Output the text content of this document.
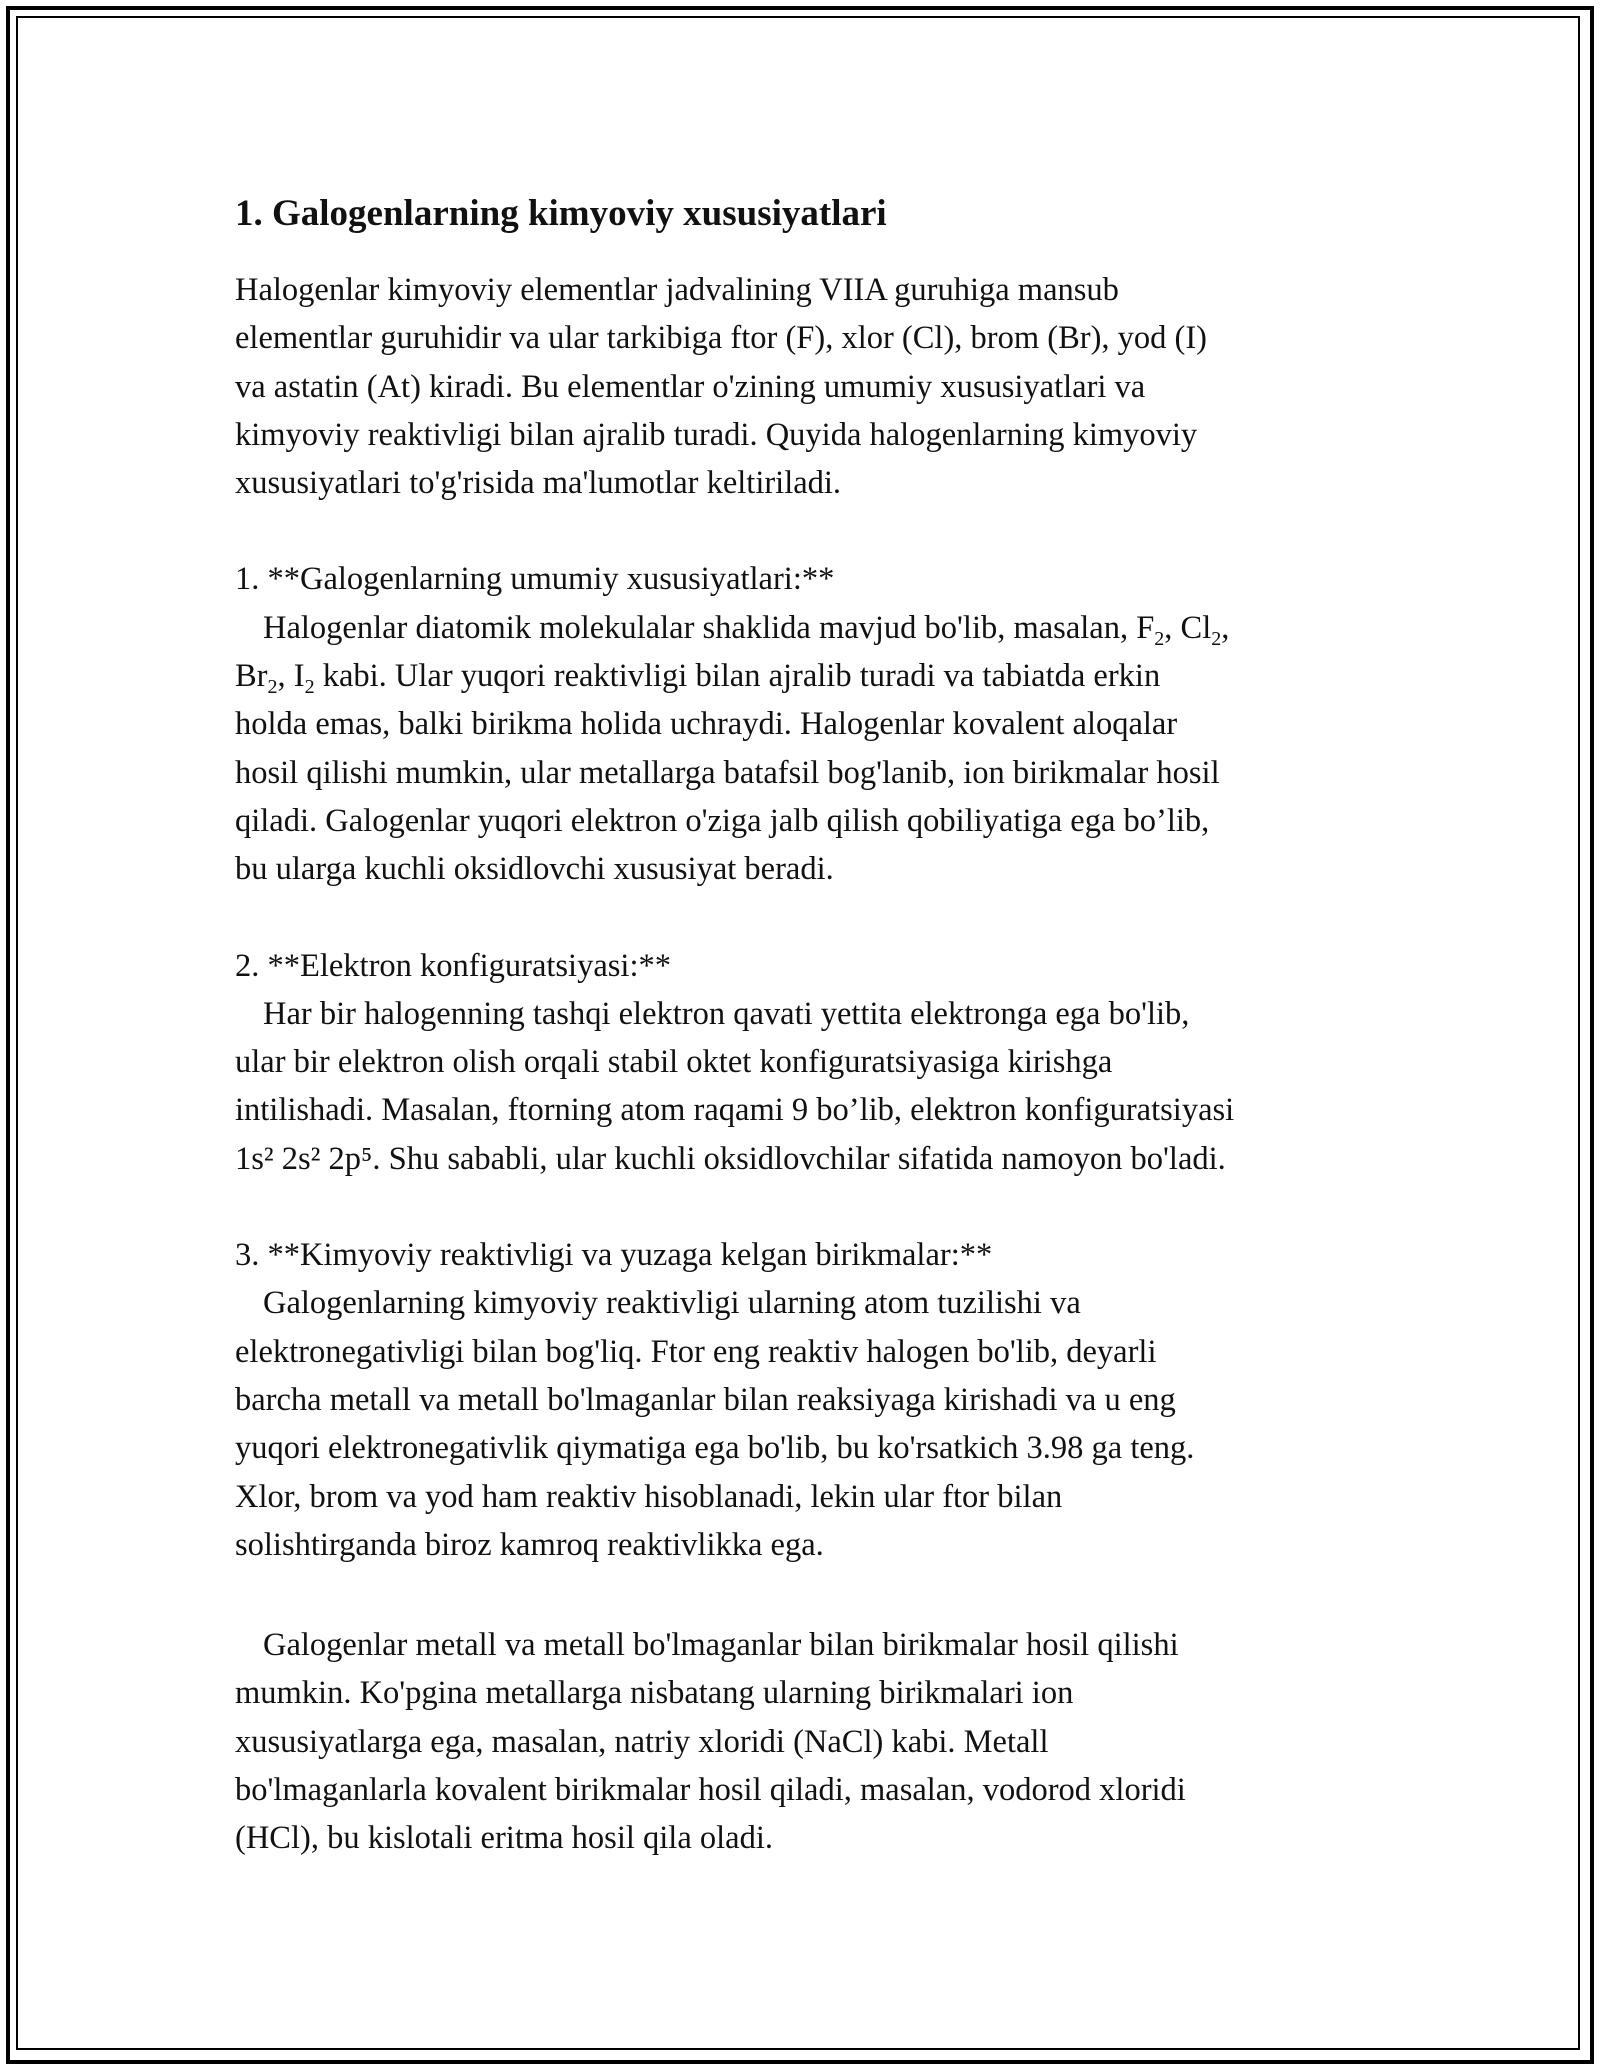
1. Galogenlarning kimyoviy xususiyatlari

Halogenlar kimyoviy elementlar jadvalining VIIA guruhiga mansub

elementlar guruhidir va ular tarkibiga ftor (F), xlor (Cl), brom (Br), yod (I)

va astatin (At) kiradi. Bu elementlar o'zining umumiy xususiyatlari va

kimyoviy reaktivligi bilan ajralib turadi. Quyida halogenlarning kimyoviy

xususiyatlari to'g'risida ma'lumotlar keltiriladi.

1. **Galogenlarning umumiy xususiyatlari:**

Halogenlar diatomik molekulalar shaklida mavjud bo'lib, masalan, $F_2$, $Cl_2$,

$Br_2$, $I_2$ kabi. Ular yuqori reaktivligi bilan ajralib turadi va tabiatda erkin

holda emas, balki birikma holida uchraydi. Halogenlar kovalent aloqalar

hosil qilishi mumkin, ular metallarga batafsil bog'lanib, ion birikmalar hosil

qiladi. Galogenlar yuqori elektron o'ziga jalb qilish qobiliyatiga ega bo’lib,

bu ularga kuchli oksidlovchi xususiyat beradi.

2. **Elektron konfiguratsiyasi:**

Har bir halogenning tashqi elektron qavati yettita elektronga ega bo'lib,

ular bir elektron olish orqali stabil oktet konfiguratsiyasiga kirishga

intilishadi. Masalan, ftorning atom raqami 9 bo’lib, elektron konfiguratsiyasi

1s² 2s² 2p⁵. Shu sababli, ular kuchli oksidlovchilar sifatida namoyon bo'ladi.

3. **Kimyoviy reaktivligi va yuzaga kelgan birikmalar:**

Galogenlarning kimyoviy reaktivligi ularning atom tuzilishi va

elektronegativligi bilan bog'liq. Ftor eng reaktiv halogen bo'lib, deyarli

barcha metall va metall bo'lmaganlar bilan reaksiyaga kirishadi va u eng

yuqori elektronegativlik qiymatiga ega bo'lib, bu ko'rsatkich 3.98 ga teng.

Xlor, brom va yod ham reaktiv hisoblanadi, lekin ular ftor bilan

solishtirganda biroz kamroq reaktivlikka ega.

Galogenlar metall va metall bo'lmaganlar bilan birikmalar hosil qilishi

mumkin. Ko'pgina metallarga nisbatang ularning birikmalari ion

xususiyatlarga ega, masalan, natriy xloridi (NaCl) kabi. Metall

bo'lmaganlarla kovalent birikmalar hosil qiladi, masalan, vodorod xloridi

(HCl), bu kislotali eritma hosil qila oladi.
